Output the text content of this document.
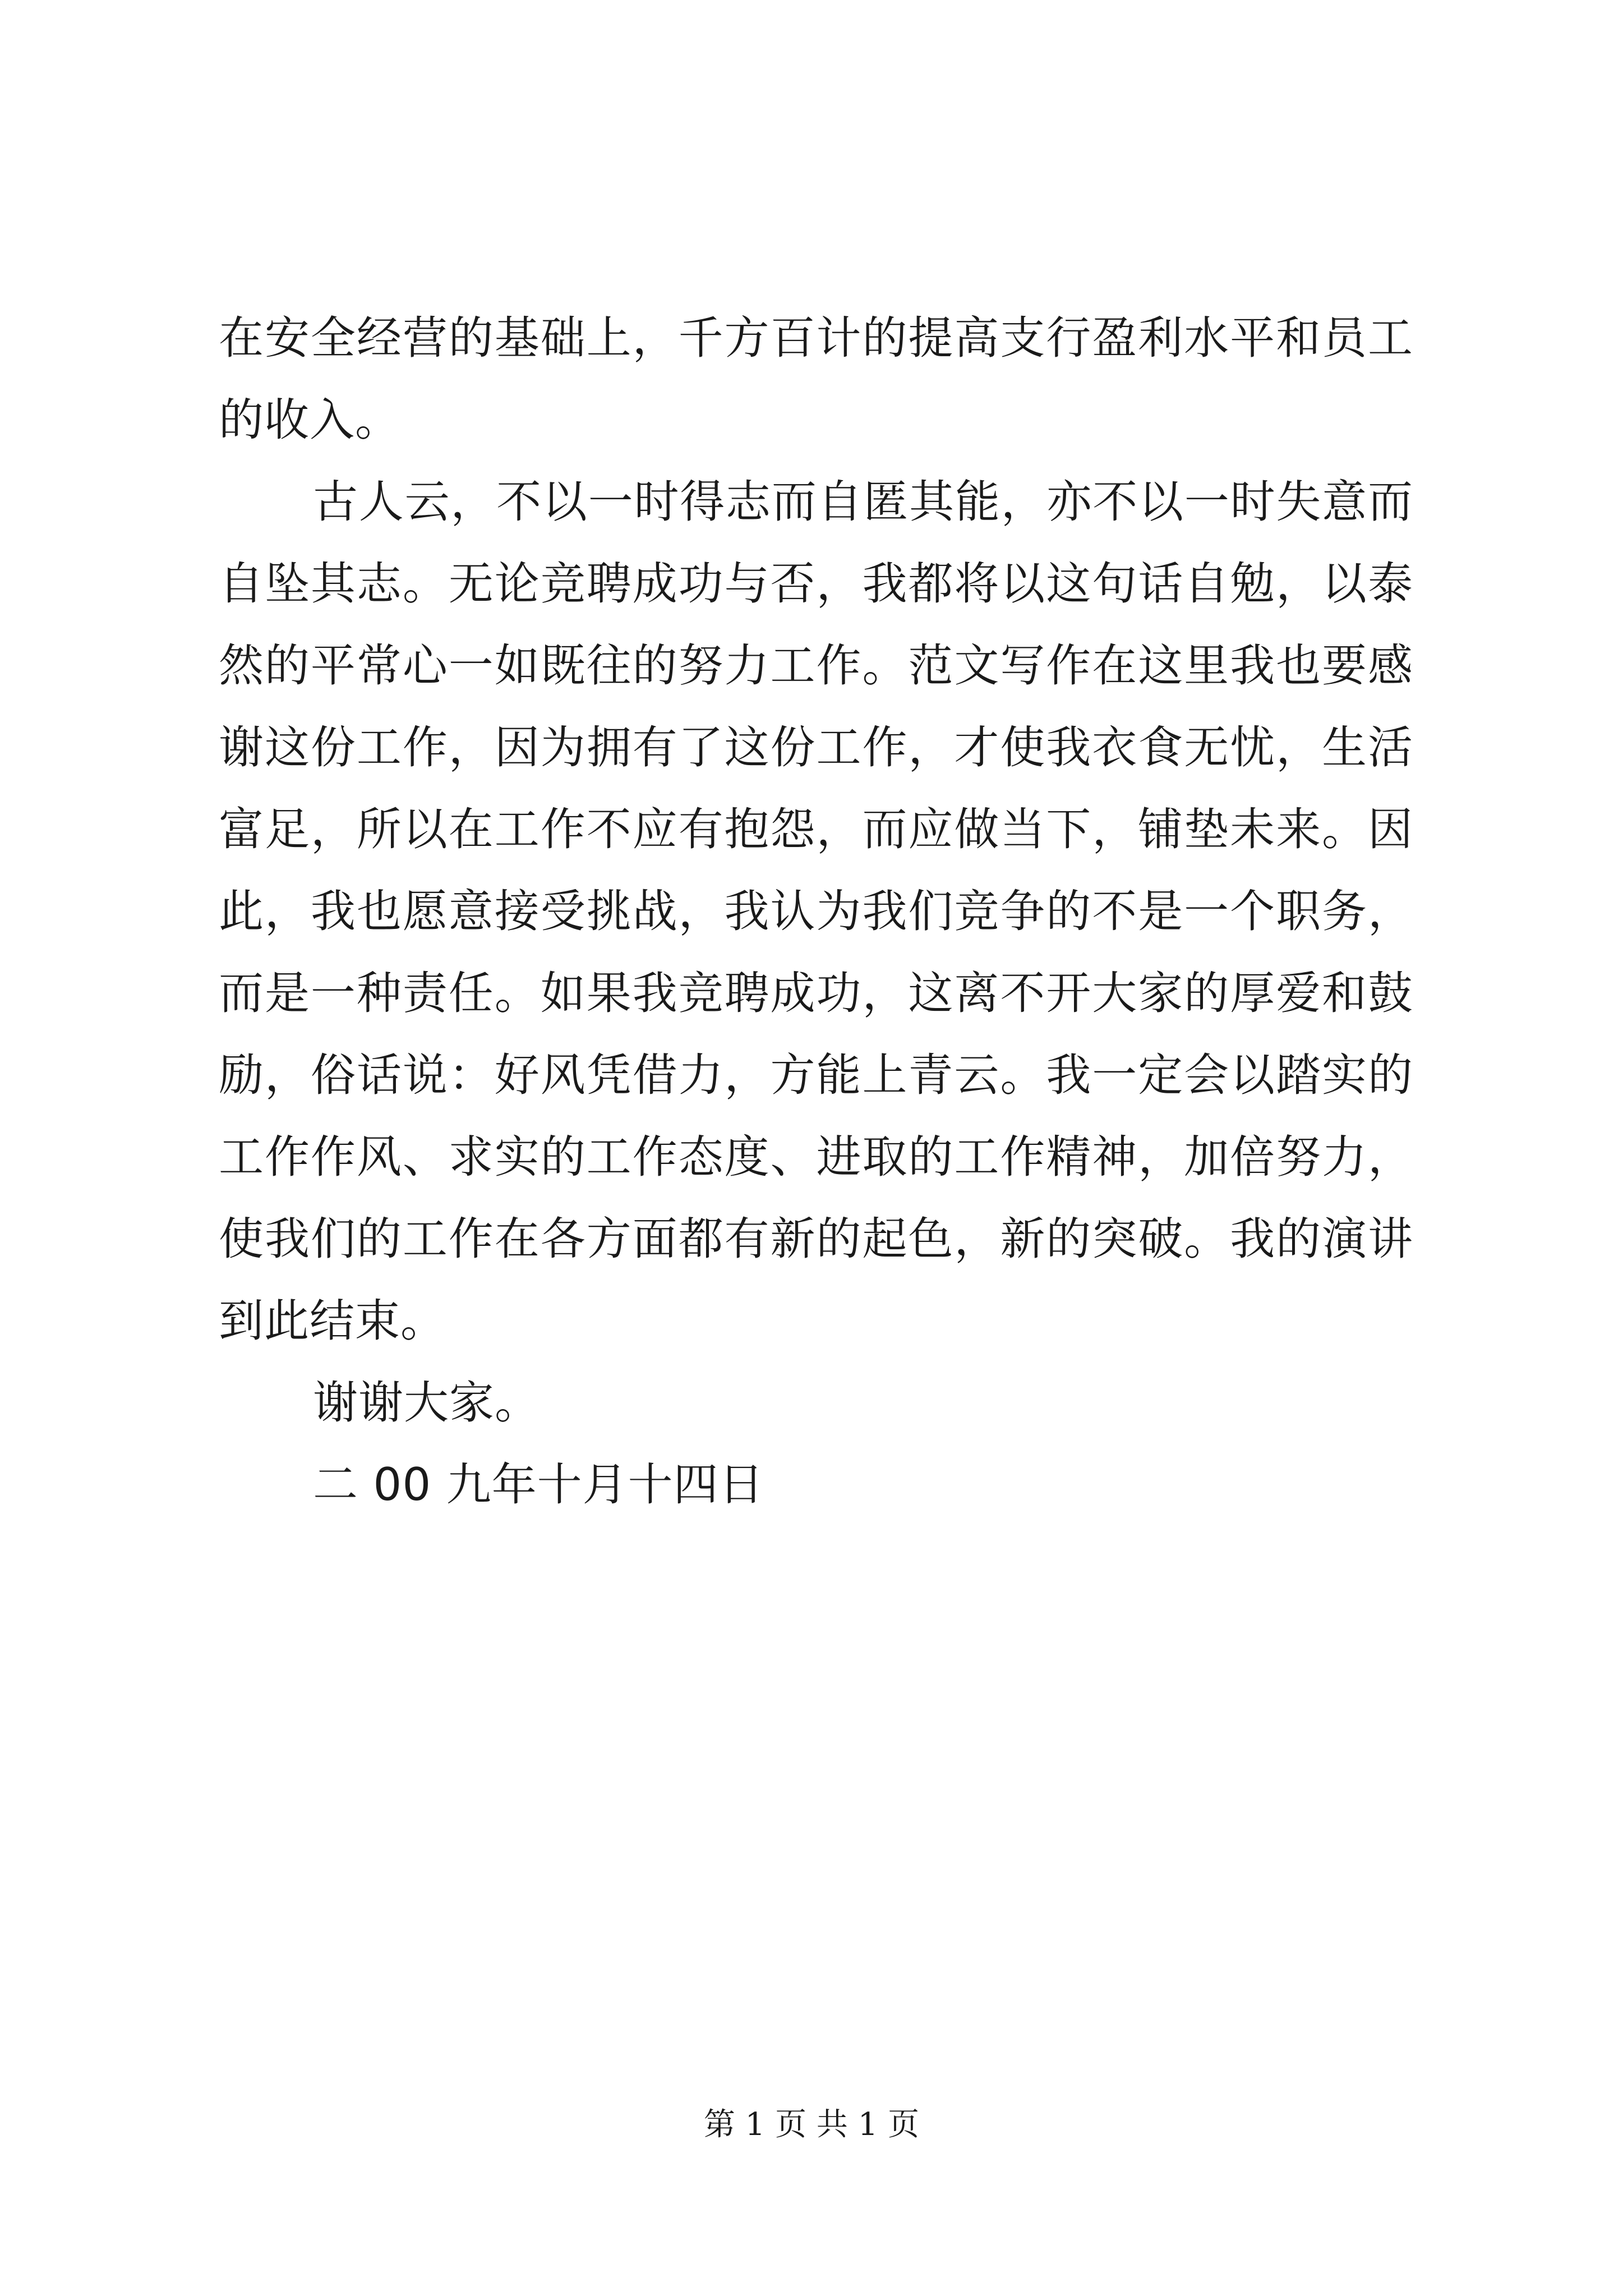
在安全经营的基础上，千方百计的提高支行盈利水平和员工的收入。

古人云，不以一时得志而自匿其能，亦不以一时失意而自坠其志。无论竞聘成功与否，我都将以这句话自勉，以泰然的平常心一如既往的努力工作。范文写作在这里我也要感谢这份工作，因为拥有了这份工作，才使我衣食无忧，生活富足，所以在工作不应有抱怨，而应做当下，铺垫未来。因此，我也愿意接受挑战，我认为我们竞争的不是一个职务，而是一种责任。如果我竞聘成功，这离不开大家的厚爱和鼓励，俗话说：好风凭借力，方能上青云。我一定会以踏实的工作作风、求实的工作态度、进取的工作精神，加倍努力，使我们的工作在各方面都有新的起色，新的突破。我的演讲到此结束。

谢谢大家。

二 00 九年十月十四日

第 1 页 共 1 页
